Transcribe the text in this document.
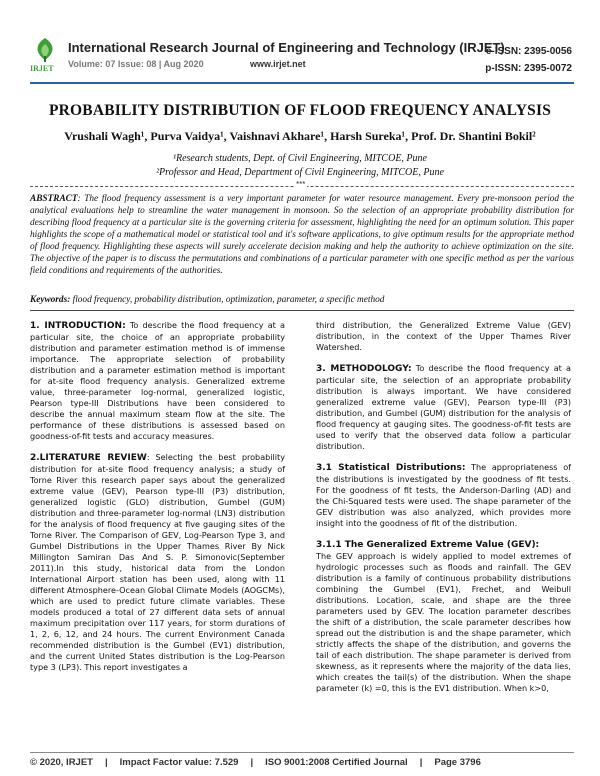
IRJET
International Research Journal of Engineering and Technology (IRJET)
Volume: 07 Issue: 08 | Aug 2020	www.irjet.net
e-ISSN: 2395-0056
p-ISSN: 2395-0072
PROBABILITY DISTRIBUTION OF FLOOD FREQUENCY ANALYSIS
Vrushali Wagh¹, Purva Vaidya¹, Vaishnavi Akhare¹, Harsh Sureka¹, Prof. Dr. Shantini Bokil²
¹Research students, Dept. of Civil Engineering, MITCOE, Pune
²Professor and Head, Department of Civil Engineering, MITCOE, Pune
***
ABSTRACT: The flood frequency assessment is a very important parameter for water resource management. Every pre-monsoon period the analytical evaluations help to streamline the water management in monsoon. So the selection of an appropriate probability distribution for describing flood frequency at a particular site is the governing criteria for assessment, highlighting the need for an optimum solution. This paper highlights the scope of a mathematical model or statistical tool and it's software applications, to give optimum results for the appropriate method of flood frequency. Highlighting these aspects will surely accelerate decision making and help the authority to achieve optimization on the site. The objective of the paper is to discuss the permutations and combinations of a particular parameter with one specific method as per the various field conditions and requirements of the authorities.
Keywords: flood frequency, probability distribution, optimization, parameter, a specific method

1. INTRODUCTION: To describe the flood frequency at a particular site, the choice of an appropriate probability distribution and parameter estimation method is of immense importance. The appropriate selection of probability distribution and a parameter estimation method is important for at-site flood frequency analysis. Generalized extreme value, three-parameter log-normal, generalized logistic, Pearson type-III Distributions have been considered to describe the annual maximum steam flow at the site. The performance of these distributions is assessed based on goodness-of-fit tests and accuracy measures.

2.LITERATURE REVIEW: Selecting the best probability distribution for at-site flood frequency analysis; a study of Torne River this research paper says about the generalized extreme value (GEV), Pearson type-III (P3) distribution, generalized logistic (GLO) distribution, Gumbel (GUM) distribution and three-parameter log-normal (LN3) distribution for the analysis of flood frequency at five gauging sites of the Torne River. The Comparison of GEV, Log-Pearson Type 3, and Gumbel Distributions in the Upper Thames River By Nick Millington Samiran Das And S. P. Simonovic(September 2011).In this study, historical data from the London International Airport station has been used, along with 11 different Atmosphere-Ocean Global Climate Models (AOGCMs), which are used to predict future climate variables. These models produced a total of 27 different data sets of annual maximum precipitation over 117 years, for storm durations of 1, 2, 6, 12, and 24 hours. The current Environment Canada recommended distribution is the Gumbel (EV1) distribution, and the current United States distribution is the Log-Pearson type 3 (LP3). This report investigates a

third distribution, the Generalized Extreme Value (GEV) distribution, in the context of the Upper Thames River Watershed.

3. METHODOLOGY: To describe the flood frequency at a particular site, the selection of an appropriate probability distribution is always important. We have considered generalized extreme value (GEV), Pearson type-III (P3) distribution, and Gumbel (GUM) distribution for the analysis of flood frequency at gauging sites. The goodness-of-fit tests are used to verify that the observed data follow a particular distribution.

3.1 Statistical Distributions: The appropriateness of the distributions is investigated by the goodness of fit tests. For the goodness of fit tests, the Anderson-Darling (AD) and the Chi-Squared tests were used. The shape parameter of the GEV distribution was also analyzed, which provides more insight into the goodness of fit of the distribution.

3.1.1 The Generalized Extreme Value (GEV):
The GEV approach is widely applied to model extremes of hydrologic processes such as floods and rainfall. The GEV distribution is a family of continuous probability distributions combining the Gumbel (EV1), Frechet, and Weibull distributions. Location, scale, and shape are the three parameters used by GEV. The location parameter describes the shift of a distribution, the scale parameter describes how spread out the distribution is and the shape parameter, which strictly affects the shape of the distribution, and governs the tail of each distribution. The shape parameter is derived from skewness, as it represents where the majority of the data lies, which creates the tail(s) of the distribution. When the shape parameter (k) =0, this is the EV1 distribution. When k>0,

© 2020, IRJET | Impact Factor value: 7.529 | ISO 9001:2008 Certified Journal | Page 3796
